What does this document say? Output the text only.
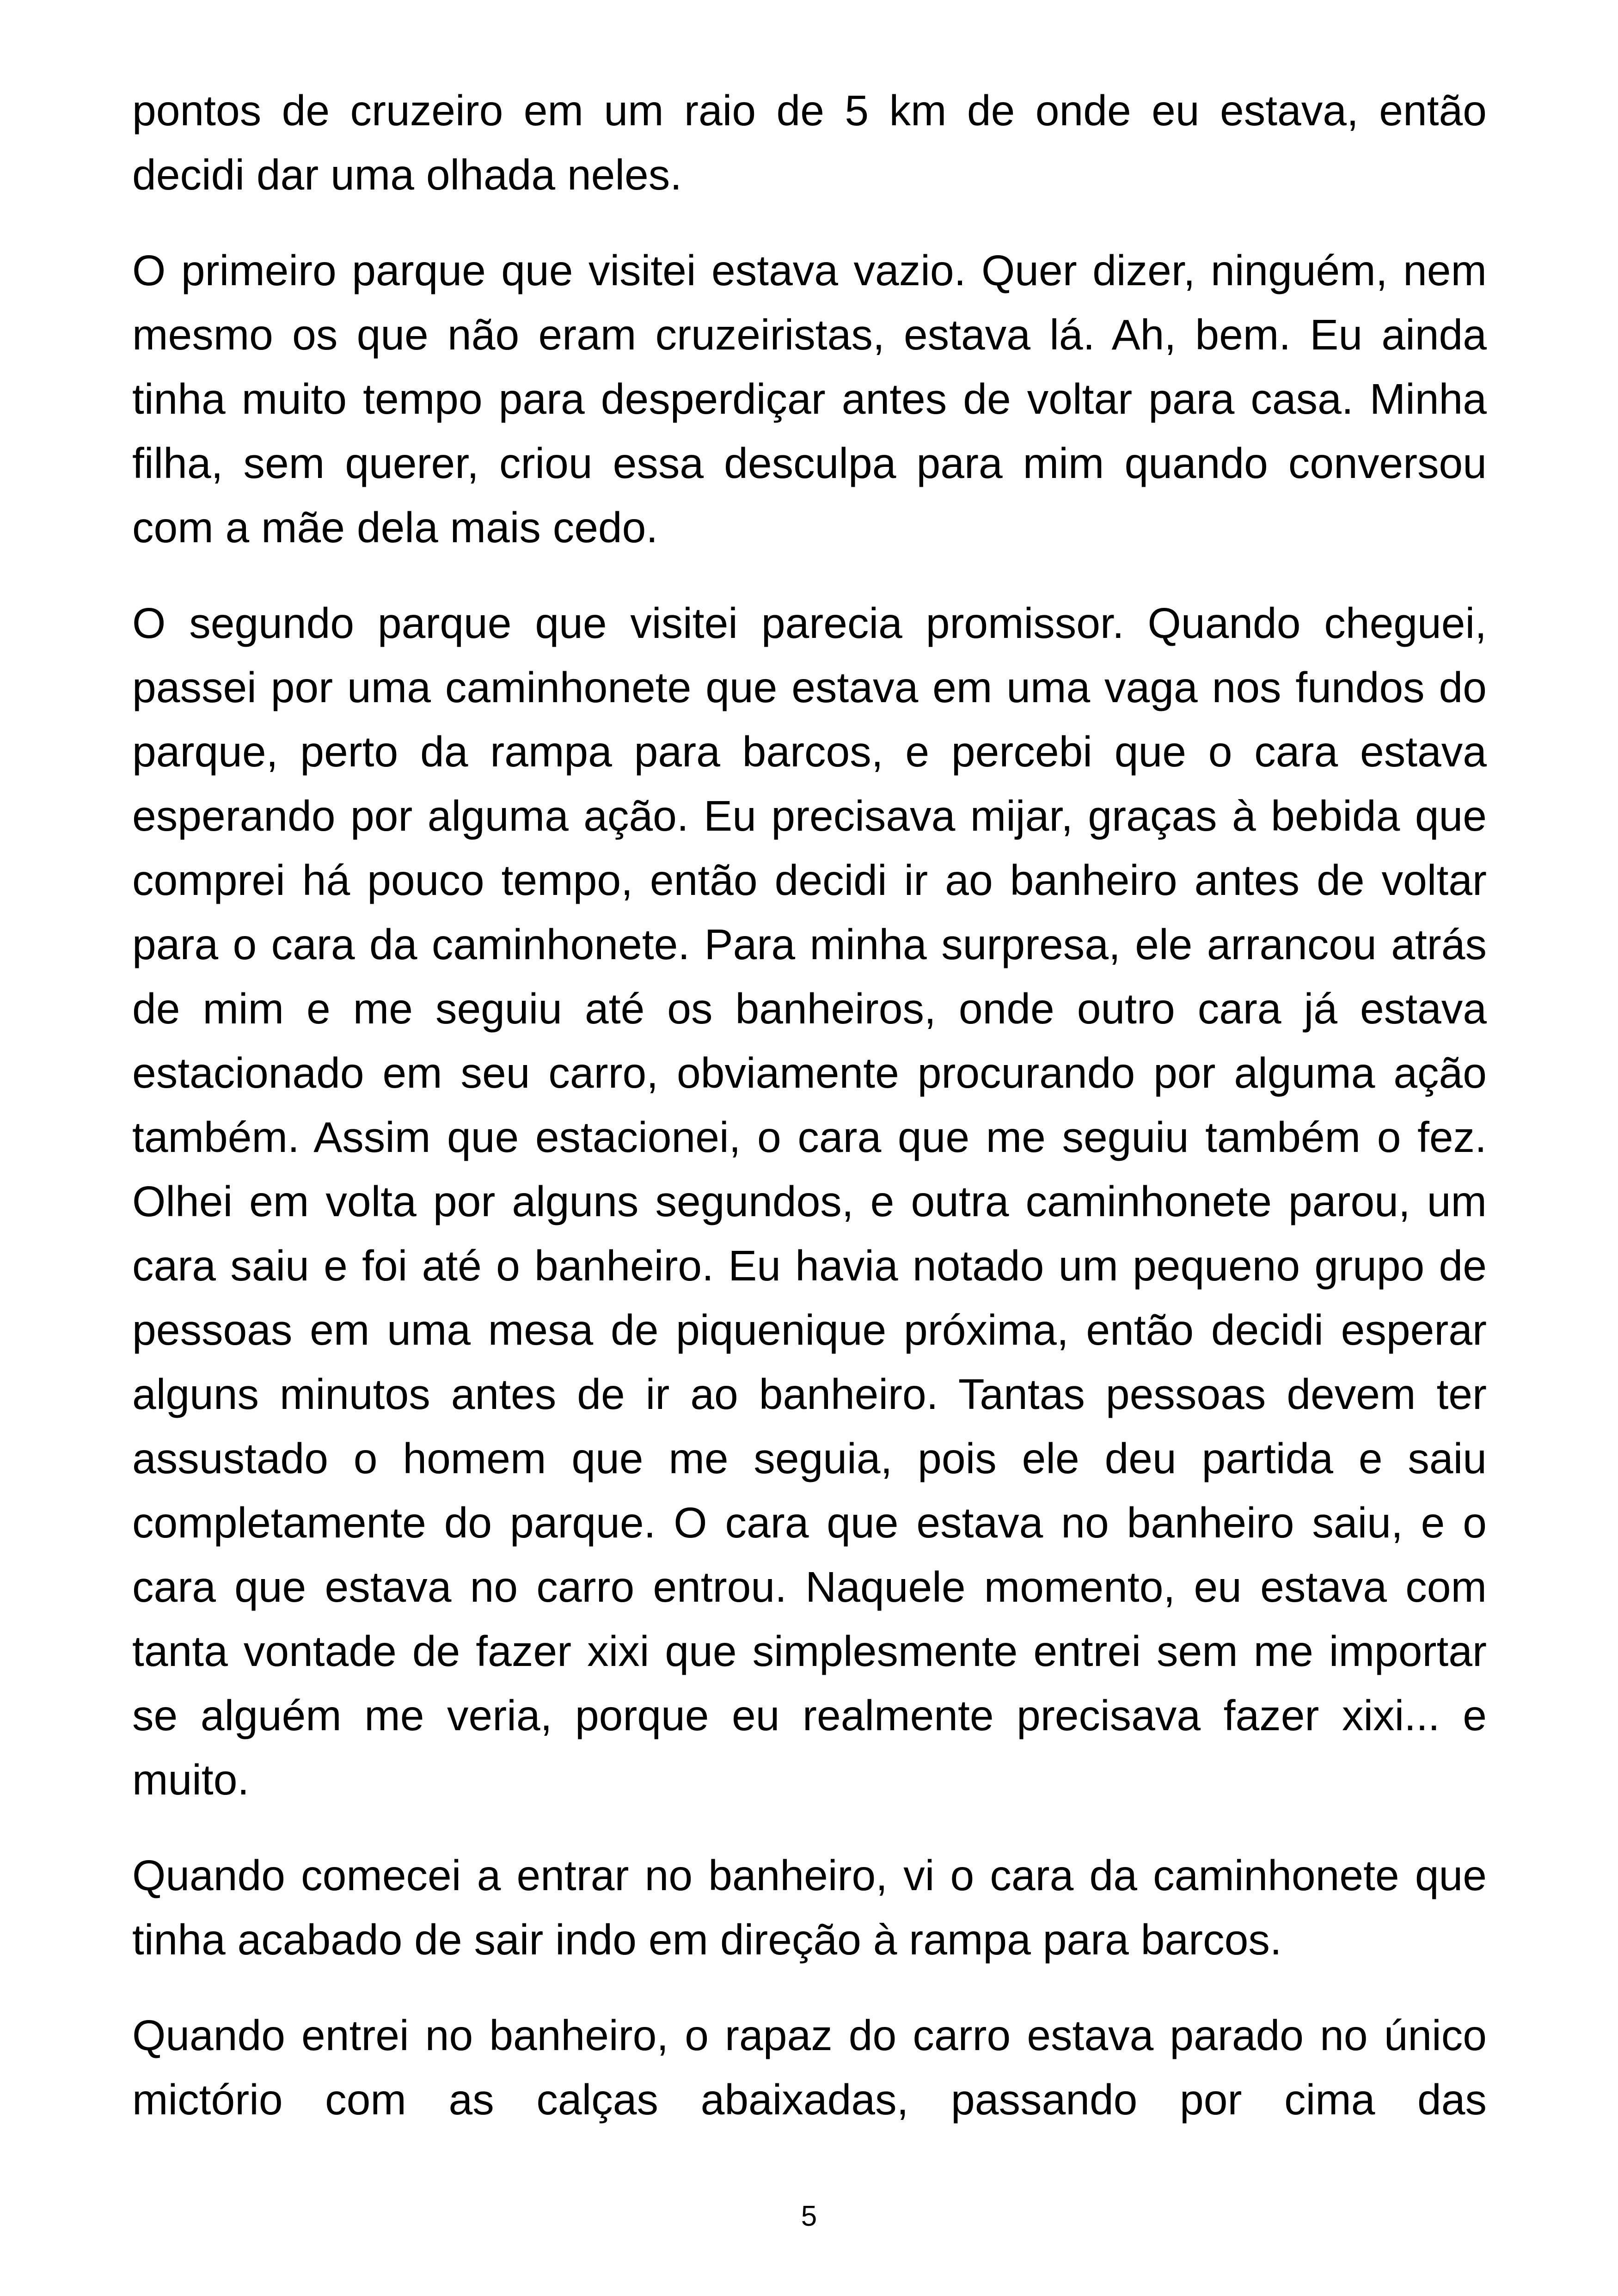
pontos de cruzeiro em um raio de 5 km de onde eu estava, então decidi dar uma olhada neles.

O primeiro parque que visitei estava vazio. Quer dizer, ninguém, nem mesmo os que não eram cruzeiristas, estava lá. Ah, bem. Eu ainda tinha muito tempo para desperdiçar antes de voltar para casa. Minha filha, sem querer, criou essa desculpa para mim quando conversou com a mãe dela mais cedo.

O segundo parque que visitei parecia promissor. Quando cheguei, passei por uma caminhonete que estava em uma vaga nos fundos do parque, perto da rampa para barcos, e percebi que o cara estava esperando por alguma ação. Eu precisava mijar, graças à bebida que comprei há pouco tempo, então decidi ir ao banheiro antes de voltar para o cara da caminhonete. Para minha surpresa, ele arrancou atrás de mim e me seguiu até os banheiros, onde outro cara já estava estacionado em seu carro, obviamente procurando por alguma ação também. Assim que estacionei, o cara que me seguiu também o fez. Olhei em volta por alguns segundos, e outra caminhonete parou, um cara saiu e foi até o banheiro. Eu havia notado um pequeno grupo de pessoas em uma mesa de piquenique próxima, então decidi esperar alguns minutos antes de ir ao banheiro. Tantas pessoas devem ter assustado o homem que me seguia, pois ele deu partida e saiu completamente do parque. O cara que estava no banheiro saiu, e o cara que estava no carro entrou. Naquele momento, eu estava com tanta vontade de fazer xixi que simplesmente entrei sem me importar se alguém me veria, porque eu realmente precisava fazer xixi... e muito.

Quando comecei a entrar no banheiro, vi o cara da caminhonete que tinha acabado de sair indo em direção à rampa para barcos.

Quando entrei no banheiro, o rapaz do carro estava parado no único mictório com as calças abaixadas, passando por cima das

5
